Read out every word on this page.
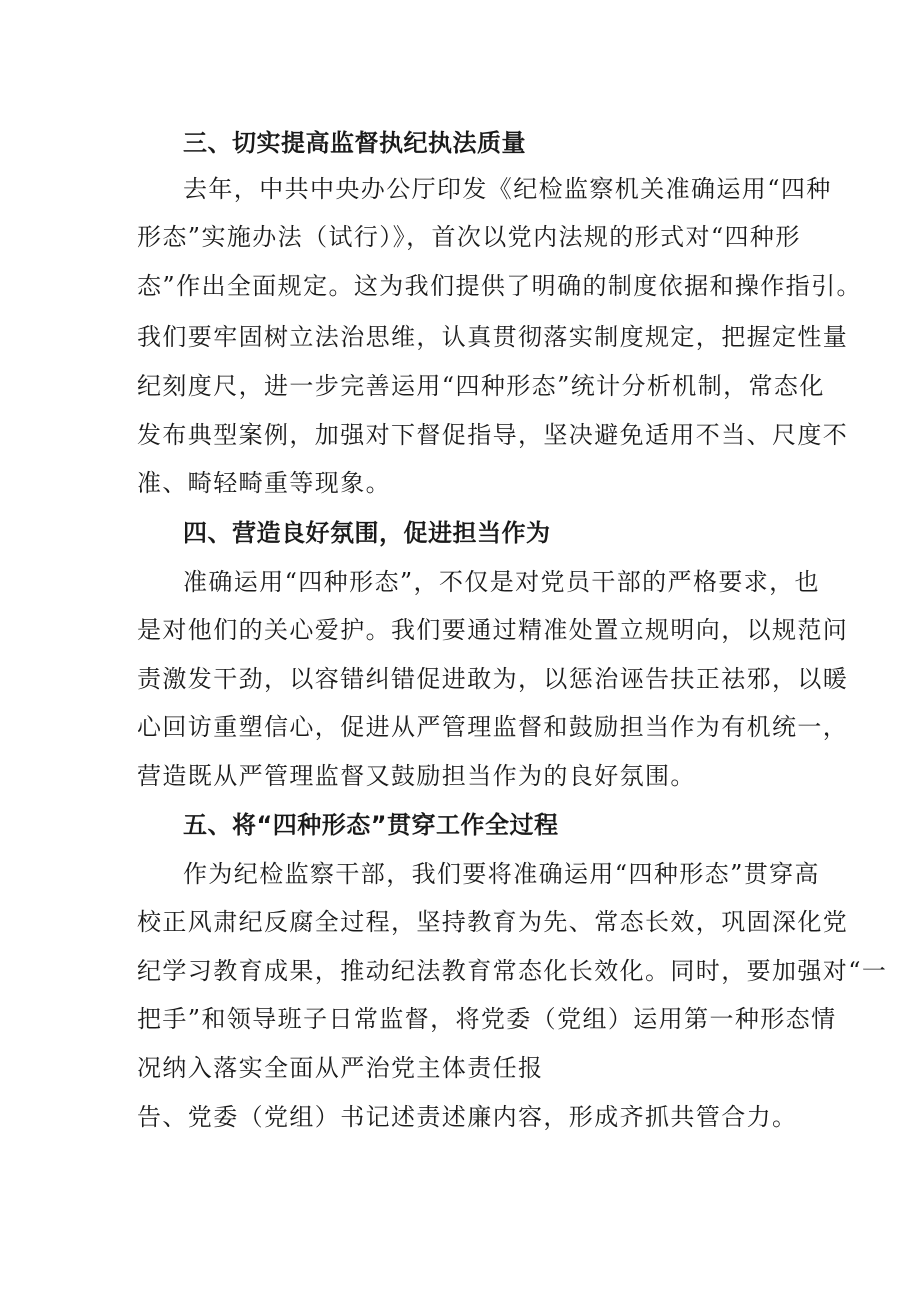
三、切实提高监督执纪执法质量
去年，中共中央办公厅印发《纪检监察机关准确运用“四种
形态”实施办法（试行）》，首次以党内法规的形式对“四种形
态”作出全面规定。这为我们提供了明确的制度依据和操作指引。
我们要牢固树立法治思维，认真贯彻落实制度规定，把握定性量
纪刻度尺，进一步完善运用“四种形态”统计分析机制，常态化
发布典型案例，加强对下督促指导，坚决避免适用不当、尺度不
准、畸轻畸重等现象。
四、营造良好氛围，促进担当作为
准确运用“四种形态”，不仅是对党员干部的严格要求，也
是对他们的关心爱护。我们要通过精准处置立规明向，以规范问
责激发干劲，以容错纠错促进敢为，以惩治诬告扶正祛邪，以暖
心回访重塑信心，促进从严管理监督和鼓励担当作为有机统一，
营造既从严管理监督又鼓励担当作为的良好氛围。
五、将“四种形态”贯穿工作全过程
作为纪检监察干部，我们要将准确运用“四种形态”贯穿高
校正风肃纪反腐全过程，坚持教育为先、常态长效，巩固深化党
纪学习教育成果，推动纪法教育常态化长效化。同时，要加强对“一
把手”和领导班子日常监督，将党委（党组）运用第一种形态情
况纳入落实全面从严治党主体责任报
告、党委（党组）书记述责述廉内容，形成齐抓共管合力。
